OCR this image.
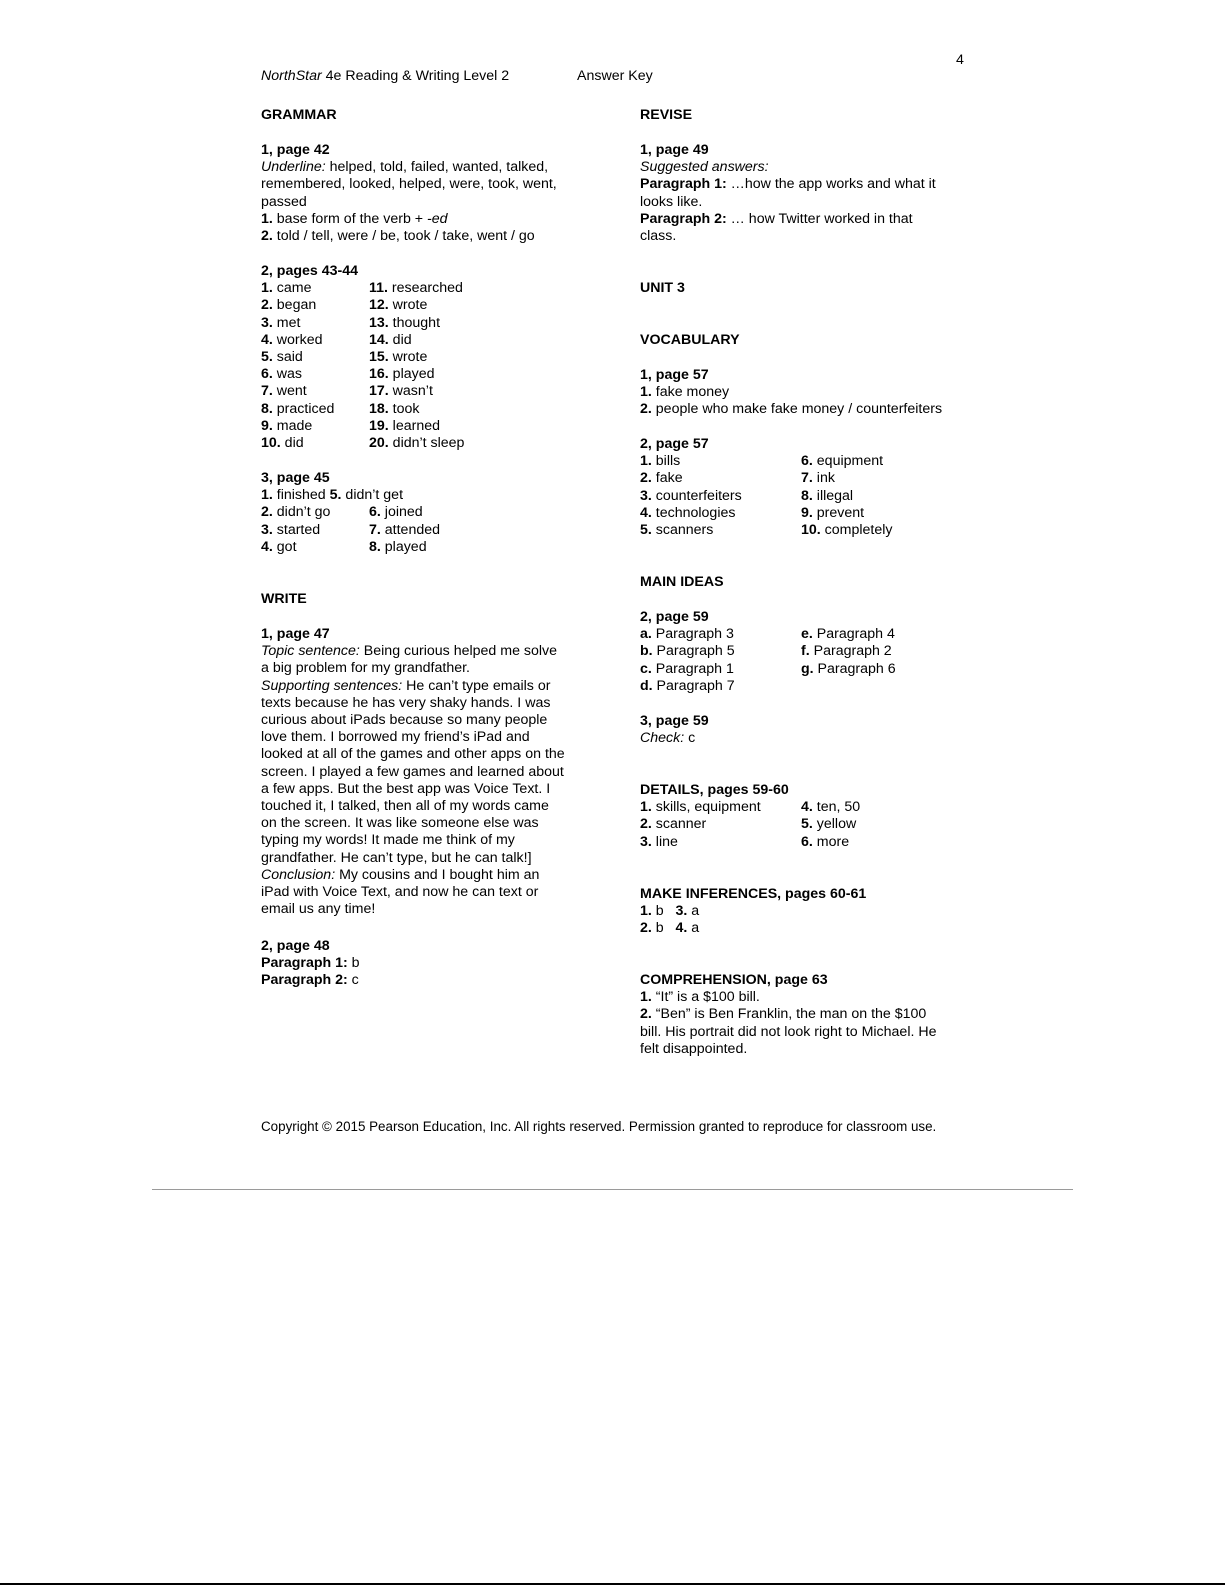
NorthStar 4e Reading & Writing Level 2	Answer Key
4
GRAMMAR
1, page 42
Underline: helped, told, failed, wanted, talked,
remembered, looked, helped, were, took, went,
passed
1. base form of the verb + -ed
2. told / tell, were / be, took / take, went / go
2, pages 43-44
1. came	11. researched
2. began	12. wrote
3. met	13. thought
4. worked	14. did
5. said	15. wrote
6. was	16. played
7. went	17. wasn’t
8. practiced 18. took
9. made	19. learned
10. did	20. didn’t sleep
3, page 45
1. finished 5. didn’t get
2. didn’t go	6. joined
3. started	7. attended
4. got	8. played
WRITE
1, page 47
Topic sentence: Being curious helped me solve
a big problem for my grandfather.
Supporting sentences: He can’t type emails or
texts because he has very shaky hands. I was
curious about iPads because so many people
love them. I borrowed my friend’s iPad and
looked at all of the games and other apps on the
screen. I played a few games and learned about
a few apps. But the best app was Voice Text. I
touched it, I talked, then all of my words came
on the screen. It was like someone else was
typing my words! It made me think of my
grandfather. He can’t type, but he can talk!]
Conclusion: My cousins and I bought him an
iPad with Voice Text, and now he can text or
email us any time!
2, page 48
Paragraph 1: b
Paragraph 2: c
REVISE
1, page 49
Suggested answers:
Paragraph 1: …how the app works and what it
looks like.
Paragraph 2: … how Twitter worked in that
class.
UNIT 3
VOCABULARY
1, page 57
1. fake money
2. people who make fake money / counterfeiters
2, page 57
1. bills	6. equipment
2. fake	7. ink
3. counterfeiters	8. illegal
4. technologies	9. prevent
5. scanners	10. completely
MAIN IDEAS
2, page 59
a. Paragraph 3	e. Paragraph 4
b. Paragraph 5	f. Paragraph 2
c. Paragraph 1	g. Paragraph 6
d. Paragraph 7
3, page 59
Check: c
DETAILS, pages 59-60
1. skills, equipment	4. ten, 50
2. scanner	5. yellow
3. line	6. more
MAKE INFERENCES, pages 60-61
1. b   3. a
2. b   4. a
COMPREHENSION, page 63
1. “It” is a $100 bill.
2. “Ben” is Ben Franklin, the man on the $100
bill. His portrait did not look right to Michael. He
felt disappointed.
Copyright © 2015 Pearson Education, Inc. All rights reserved. Permission granted to reproduce for classroom use.
